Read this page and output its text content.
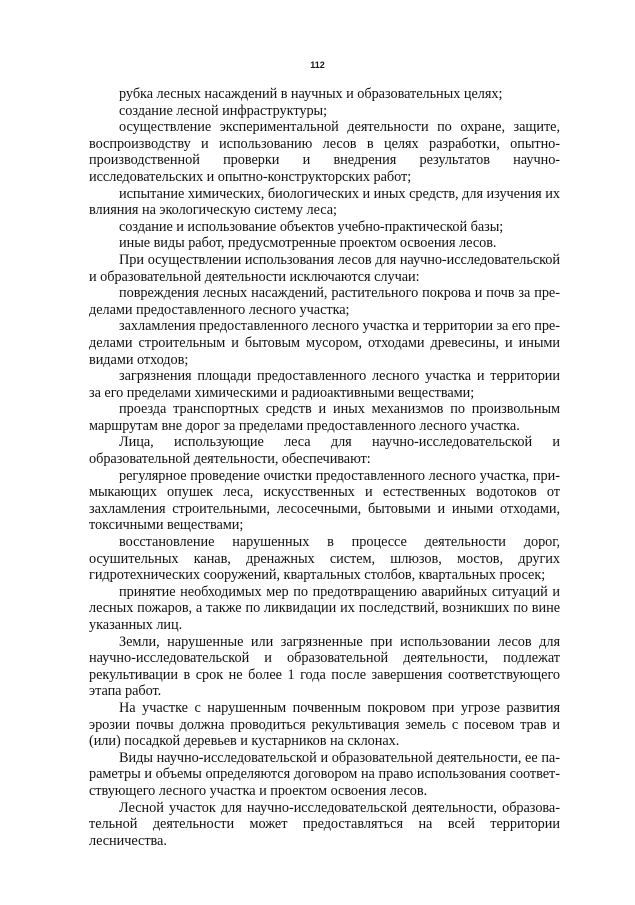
112

рубка лесных насаждений в научных и образовательных целях;

создание лесной инфраструктуры;

осуществление экспериментальной деятельности по охране, защите, воспроизводству и использованию лесов в целях разработки, опытно-производственной проверки и внедрения результатов научно-исследовательских и опытно-конструкторских работ;

испытание химических, биологических и иных средств, для изучения их влияния на экологическую систему леса;

создание и использование объектов учебно-практической базы;

иные виды работ, предусмотренные проектом освоения лесов.

При осуществлении использования лесов для научно-исследовательской и образовательной деятельности исключаются случаи:

повреждения лесных насаждений, растительного покрова и почв за пределами предоставленного лесного участка;

захламления предоставленного лесного участка и территории за его пределами строительным и бытовым мусором, отходами древесины, и иными видами отходов;

загрязнения площади предоставленного лесного участка и территории за его пределами химическими и радиоактивными веществами;

проезда транспортных средств и иных механизмов по произвольным маршрутам вне дорог за пределами предоставленного лесного участка.

Лица, использующие леса для научно-исследовательской и образовательной деятельности, обеспечивают:

регулярное проведение очистки предоставленного лесного участка, примыкающих опушек леса, искусственных и естественных водотоков от захламления строительными, лесосечными, бытовыми и иными отходами, токсичными веществами;

восстановление нарушенных в процессе деятельности дорог, осушительных канав, дренажных систем, шлюзов, мостов, других гидротехнических сооружений, квартальных столбов, квартальных просек;

принятие необходимых мер по предотвращению аварийных ситуаций и лесных пожаров, а также по ликвидации их последствий, возникших по вине указанных лиц.

Земли, нарушенные или загрязненные при использовании лесов для научно-исследовательской и образовательной деятельности, подлежат рекультивации в срок не более 1 года после завершения соответствующего этапа работ.

На участке с нарушенным почвенным покровом при угрозе развития эрозии почвы должна проводиться рекультивация земель с посевом трав и (или) посадкой деревьев и кустарников на склонах.

Виды научно-исследовательской и образовательной деятельности, ее параметры и объемы определяются договором на право использования соответствующего лесного участка и проектом освоения лесов.

Лесной участок для научно-исследовательской деятельности, образовательной деятельности может предоставляться на всей территории лесничества.
